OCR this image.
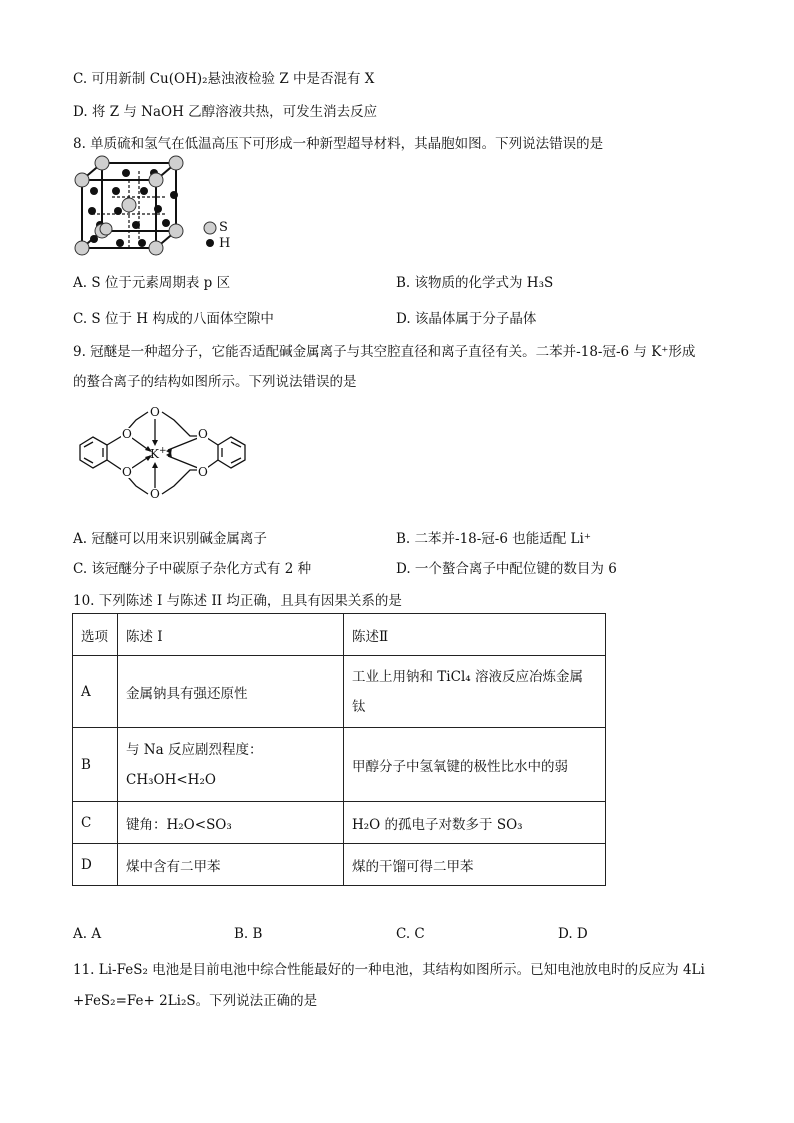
C. 可用新制 Cu(OH)₂悬浊液检验 Z 中是否混有 X
D. 将 Z 与 NaOH 乙醇溶液共热，可发生消去反应
8. 单质硫和氢气在低温高压下可形成一种新型超导材料，其晶胞如图。下列说法错误的是
S
H
A. S 位于元素周期表 p 区	B. 该物质的化学式为 H₃S
C. S 位于 H 构成的八面体空隙中	D. 该晶体属于分子晶体
9. 冠醚是一种超分子，它能否适配碱金属离子与其空腔直径和离子直径有关。二苯并-18-冠-6 与 K⁺形成
的螯合离子的结构如图所示。下列说法错误的是
O
O
O
O
O
O
K+
A. 冠醚可以用来识别碱金属离子	B. 二苯并-18-冠-6 也能适配 Li⁺
C. 该冠醚分子中碳原子杂化方式有 2 种	D. 一个螯合离子中配位键的数目为 6
10. 下列陈述 I 与陈述 II 均正确，且具有因果关系的是
选项	陈述 I	陈述Ⅱ
A	金属钠具有强还原性	工业上用钠和 TiCl₄ 溶液反应冶炼金属
钛

B	与 Na 反应剧烈程度：
CH₃OH<H₂O	甲醇分子中氢氧键的极性比水中的弱
C	键角：H₂O<SO₃	H₂O 的孤电子对数多于 SO₃
D	煤中含有二甲苯	煤的干馏可得二甲苯
A. A	B. B	C. C	D. D
11. Li-FeS₂ 电池是目前电池中综合性能最好的一种电池，其结构如图所示。已知电池放电时的反应为 4Li
+FeS₂=Fe+ 2Li₂S。下列说法正确的是
